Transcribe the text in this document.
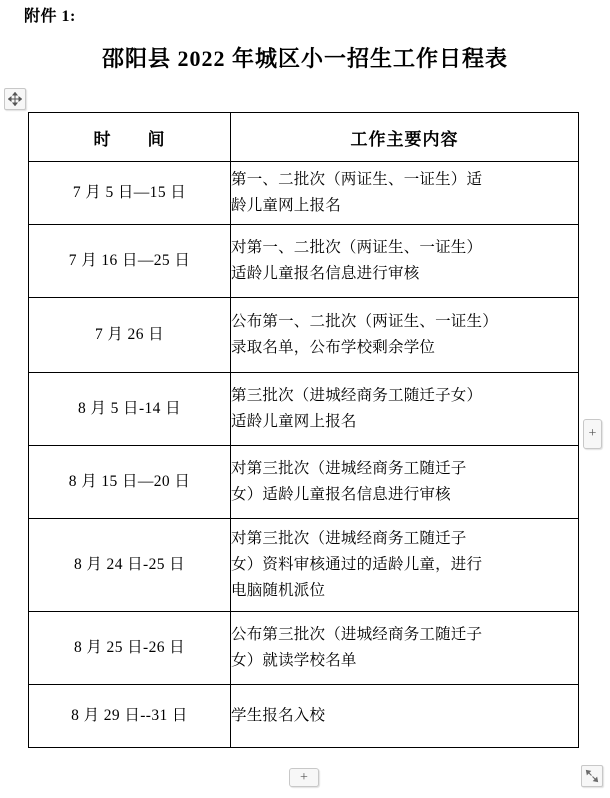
附件 1:
邵阳县 2022 年城区小一招生工作日程表
时　　间	工作主要内容
7 月 5 日—15 日	第一、二批次（两证生、一证生）适
龄儿童网上报名

7 月 16 日—25 日	对第一、二批次（两证生、一证生）
适龄儿童报名信息进行审核

7 月 26 日	公布第一、二批次（两证生、一证生）
录取名单，公布学校剩余学位

8 月 5 日-14 日	第三批次（进城经商务工随迁子女）
适龄儿童网上报名

8 月 15 日—20 日	对第三批次（进城经商务工随迁子
女）适龄儿童报名信息进行审核

8 月 24 日-25 日	对第三批次（进城经商务工随迁子
女）资料审核通过的适龄儿童，进行
电脑随机派位

8 月 25 日-26 日	公布第三批次（进城经商务工随迁子
女）就读学校名单

8 月 29 日--31 日	学生报名入校
+
+
